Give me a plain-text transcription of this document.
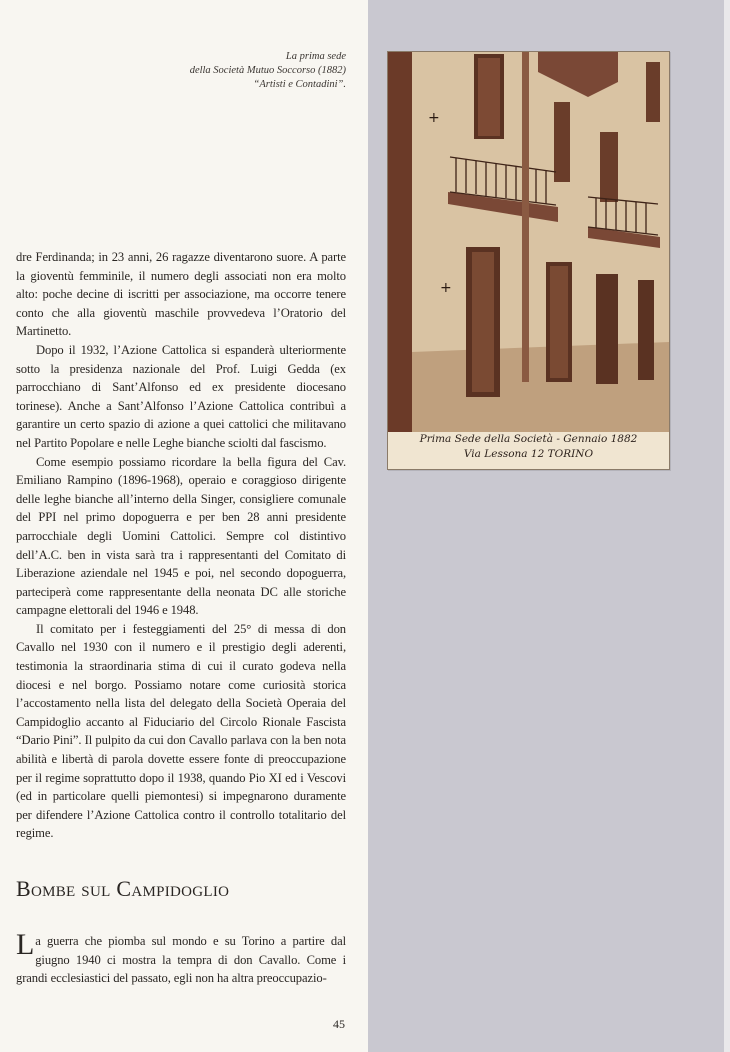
La prima sede
della Società Mutuo Soccorso (1882)
“Artisti e Contadini”.

dre Ferdinanda; in 23 anni, 26 ragazze diventarono suore. A parte la gioventù femminile, il numero degli associati non era molto alto: poche decine di iscritti per associazione, ma occorre tenere conto che alla gioventù maschile provvedeva l’Oratorio del Martinetto.

Dopo il 1932, l’Azione Cattolica si espanderà ulteriormente sotto la presidenza nazionale del Prof. Luigi Gedda (ex parrocchiano di Sant’Alfonso ed ex presidente diocesano torinese). Anche a Sant’Alfonso l’Azione Cattolica contribuì a garantire un certo spazio di azione a quei cattolici che militavano nel Partito Popolare e nelle Leghe bianche sciolti dal fascismo.

Come esempio possiamo ricordare la bella figura del Cav. Emiliano Rampino (1896-1968), operaio e coraggioso dirigente delle leghe bianche all’interno della Singer, consigliere comunale del PPI nel primo dopoguerra e per ben 28 anni presidente parrocchiale degli Uomini Cattolici. Sempre col distintivo dell’A.C. ben in vista sarà tra i rappresentanti del Comitato di Liberazione aziendale nel 1945 e poi, nel secondo dopoguerra, parteciperà come rappresentante della neonata DC alle storiche campagne elettorali del 1946 e 1948.

Il comitato per i festeggiamenti del 25° di messa di don Cavallo nel 1930 con il numero e il prestigio degli aderenti, testimonia la straordinaria stima di cui il curato godeva nella diocesi e nel borgo. Possiamo notare come curiosità storica l’accostamento nella lista del delegato della Società Operaia del Campidoglio accanto al Fiduciario del Circolo Rionale Fascista “Dario Pini”. Il pulpito da cui don Cavallo parlava con la ben nota abilità e libertà di parola dovette essere fonte di preoccupazione per il regime soprattutto dopo il 1938, quando Pio XI ed i Vescovi (ed in particolare quelli piemontesi) si impegnarono duramente per difendere l’Azione Cattolica contro il controllo totalitario del regime.

Bombe sul Campidoglio

La guerra che piomba sul mondo e su Torino a partire dal giugno 1940 ci mostra la tempra di don Cavallo. Come i grandi ecclesiastici del passato, egli non ha altra preoccupazio-

45
+
+
Prima Sede della Società - Gennaio 1882
Via Lessona 12 TORINO
